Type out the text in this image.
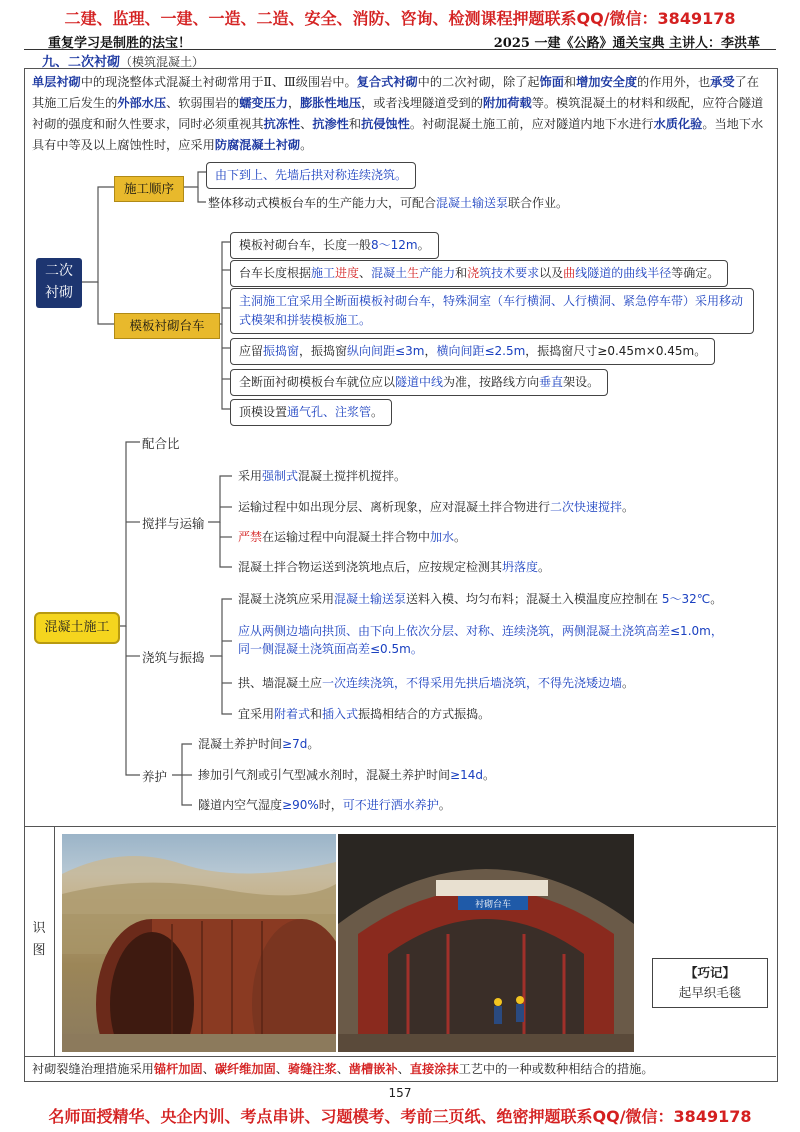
二建、监理、一建、一造、二造、安全、消防、咨询、检测课程押题联系QQ/微信：3849178
重复学习是制胜的法宝！	2025 一建《公路》通关宝典 主讲人：李洪革
九、二次衬砌（模筑混凝土）
单层衬砌中的现浇整体式混凝土衬砌常用于Ⅱ、Ⅲ级围岩中。复合式衬砌中的二次衬砌，除了起饰面和增加安全度的作用外，也承受了在其施工后发生的外部水压、软弱围岩的蠕变压力，膨胀性地压，或者浅埋隧道受到的附加荷载等。模筑混凝土的材料和级配，应符合隧道衬砌的强度和耐久性要求，同时必须重视其抗冻性、抗渗性和抗侵蚀性。衬砌混凝土施工前，应对隧道内地下水进行水质化验。当地下水具有中等及以上腐蚀性时，应采用防腐混凝土衬砌。
二次
衬砌
施工顺序
由下到上、先墙后拱对称连续浇筑。
整体移动式模板台车的生产能力大，可配合混凝土输送泵联合作业。
模板衬砌台车
模板衬砌台车，长度一般8～12m。
台车长度根据施工进度、混凝土生产能力和浇筑技术要求以及曲线隧道的曲线半径等确定。
主洞施工宜采用全断面模板衬砌台车，特殊洞室（车行横洞、人行横洞、紧急停车带）采用移动式模架和拼装模板施工。
应留振捣窗，振捣窗纵向间距≤3m，横向间距≤2.5m，振捣窗尺寸≥0.45m×0.45m。
全断面衬砌模板台车就位应以隧道中线为准，按路线方向垂直架设。
顶模设置通气孔、注浆管。
混凝土施工
配合比
搅拌与运输
浇筑与振捣
养护
采用强制式混凝土搅拌机搅拌。
运输过程中如出现分层、离析现象，应对混凝土拌合物进行二次快速搅拌。
严禁在运输过程中向混凝土拌合物中加水。
混凝土拌合物运送到浇筑地点后，应按规定检测其坍落度。
混凝土浇筑应采用混凝土输送泵送料入模、均匀布料；混凝土入模温度应控制在 5～32℃。
应从两侧边墙向拱顶、由下向上依次分层、对称、连续浇筑，两侧混凝土浇筑高差≤1.0m，
同一侧混凝土浇筑面高差≤0.5m。
拱、墙混凝土应一次连续浇筑，不得采用先拱后墙浇筑，不得先浇矮边墙。
宜采用附着式和插入式振捣相结合的方式振捣。
混凝土养护时间≥7d。
掺加引气剂或引气型减水剂时，混凝土养护时间≥14d。
隧道内空气湿度≥90%时，可不进行洒水养护。
识图
衬砌台车
【巧记】
起早织毛毯
衬砌裂缝治理措施采用锚杆加固、碳纤维加固、骑缝注浆、凿槽嵌补、直接涂抹工艺中的一种或数种相结合的措施。
157
名师面授精华、央企内训、考点串讲、习题模考、考前三页纸、绝密押题联系QQ/微信：3849178
